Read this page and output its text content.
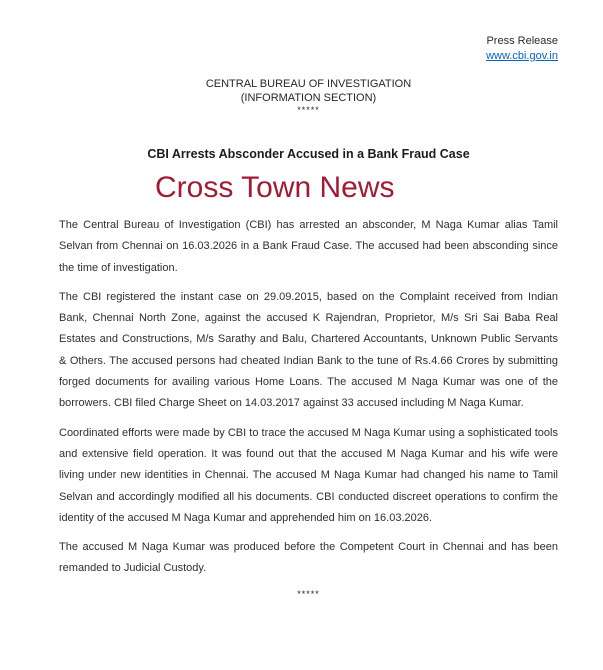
Press Release
www.cbi.gov.in
CENTRAL BUREAU OF INVESTIGATION
(INFORMATION SECTION)
*****
CBI Arrests Absconder Accused in a Bank Fraud Case
Cross Town News

The Central Bureau of Investigation (CBI) has arrested an absconder, M Naga Kumar alias Tamil Selvan from Chennai on 16.03.2026 in a Bank Fraud Case. The accused had been absconding since the time of investigation.

The CBI registered the instant case on 29.09.2015, based on the Complaint received from Indian Bank, Chennai North Zone, against the accused K Rajendran, Proprietor, M/s Sri Sai Baba Real Estates and Constructions, M/s Sarathy and Balu, Chartered Accountants, Unknown Public Servants & Others. The accused persons had cheated Indian Bank to the tune of Rs.4.66 Crores by submitting forged documents for availing various Home Loans. The accused M Naga Kumar was one of the borrowers. CBI filed Charge Sheet on 14.03.2017 against 33 accused including M Naga Kumar.

Coordinated efforts were made by CBI to trace the accused M Naga Kumar using a sophisticated tools and extensive field operation. It was found out that the accused M Naga Kumar and his wife were living under new identities in Chennai. The accused M Naga Kumar had changed his name to Tamil Selvan and accordingly modified all his documents. CBI conducted discreet operations to confirm the identity of the accused M Naga Kumar and apprehended him on 16.03.2026.

The accused M Naga Kumar was produced before the Competent Court in Chennai and has been remanded to Judicial Custody.

*****
